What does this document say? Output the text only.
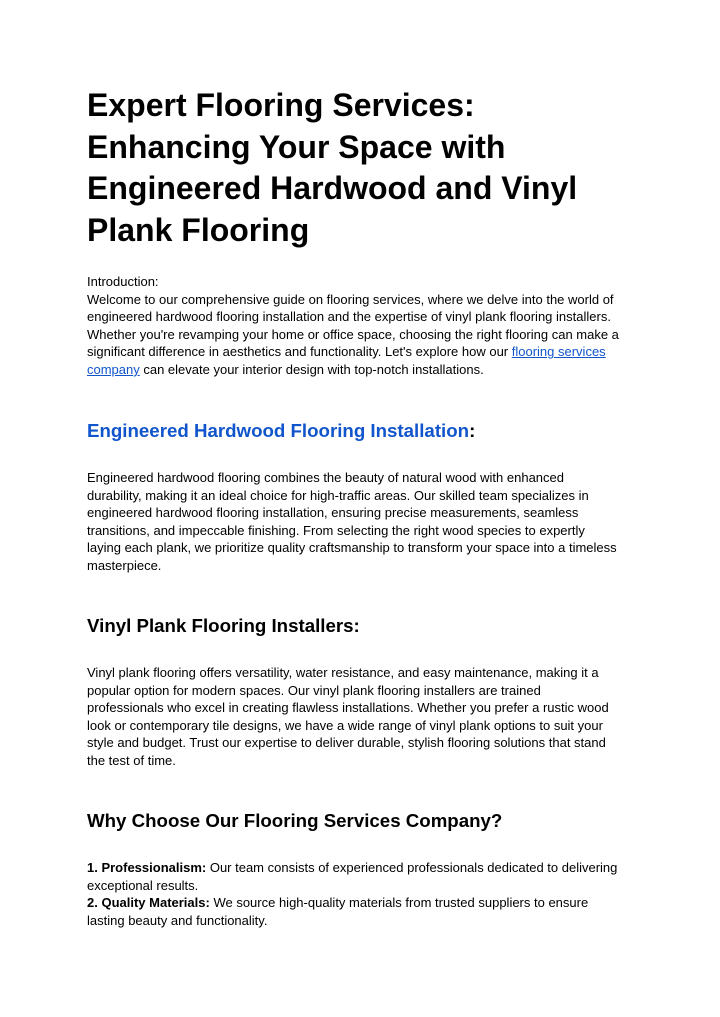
Expert Flooring Services:
Enhancing Your Space with
Engineered Hardwood and Vinyl
Plank Flooring
Introduction:
Welcome to our comprehensive guide on flooring services, where we delve into the world of
engineered hardwood flooring installation and the expertise of vinyl plank flooring installers.
Whether you're revamping your home or office space, choosing the right flooring can make a
significant difference in aesthetics and functionality. Let's explore how our flooring services
company can elevate your interior design with top-notch installations.
Engineered Hardwood Flooring Installation:
Engineered hardwood flooring combines the beauty of natural wood with enhanced
durability, making it an ideal choice for high-traffic areas. Our skilled team specializes in
engineered hardwood flooring installation, ensuring precise measurements, seamless
transitions, and impeccable finishing. From selecting the right wood species to expertly
laying each plank, we prioritize quality craftsmanship to transform your space into a timeless
masterpiece.
Vinyl Plank Flooring Installers:
Vinyl plank flooring offers versatility, water resistance, and easy maintenance, making it a
popular option for modern spaces. Our vinyl plank flooring installers are trained
professionals who excel in creating flawless installations. Whether you prefer a rustic wood
look or contemporary tile designs, we have a wide range of vinyl plank options to suit your
style and budget. Trust our expertise to deliver durable, stylish flooring solutions that stand
the test of time.
Why Choose Our Flooring Services Company?
1. Professionalism: Our team consists of experienced professionals dedicated to delivering
exceptional results.
2. Quality Materials: We source high-quality materials from trusted suppliers to ensure
lasting beauty and functionality.
